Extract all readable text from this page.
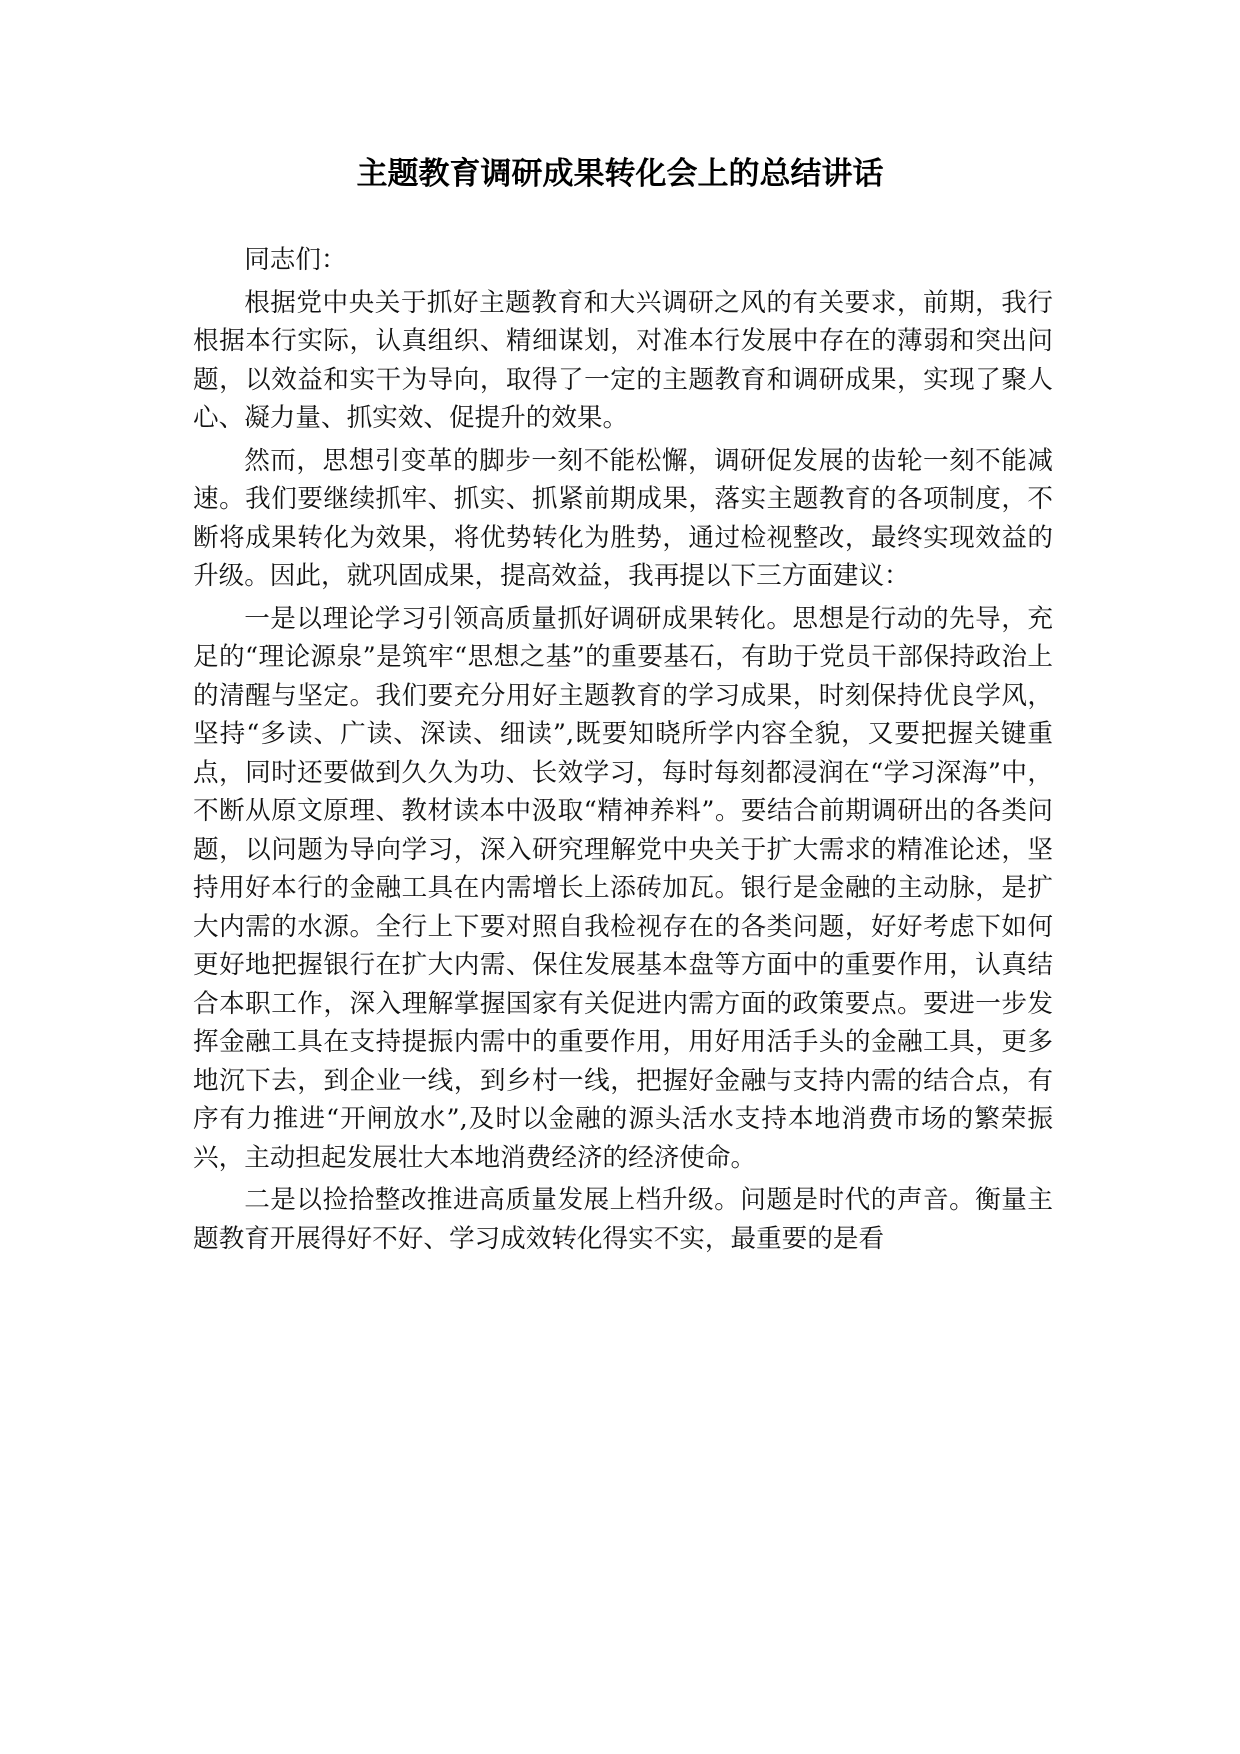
主题教育调研成果转化会上的总结讲话

同志们：

根据党中央关于抓好主题教育和大兴调研之风的有关要求，前期，我行根据本行实际，认真组织、精细谋划，对准本行发展中存在的薄弱和突出问题，以效益和实干为导向，取得了一定的主题教育和调研成果，实现了聚人心、凝力量、抓实效、促提升的效果。

然而，思想引变革的脚步一刻不能松懈，调研促发展的齿轮一刻不能减速。我们要继续抓牢、抓实、抓紧前期成果，落实主题教育的各项制度，不断将成果转化为效果，将优势转化为胜势，通过检视整改，最终实现效益的升级。因此，就巩固成果，提高效益，我再提以下三方面建议：

一是以理论学习引领高质量抓好调研成果转化。思想是行动的先导，充足的“理论源泉”是筑牢“思想之基”的重要基石，有助于党员干部保持政治上的清醒与坚定。我们要充分用好主题教育的学习成果，时刻保持优良学风，坚持“多读、广读、深读、细读”,既要知晓所学内容全貌，又要把握关键重点，同时还要做到久久为功、长效学习，每时每刻都浸润在“学习深海”中，不断从原文原理、教材读本中汲取“精神养料”。要结合前期调研出的各类问题，以问题为导向学习，深入研究理解党中央关于扩大需求的精准论述，坚持用好本行的金融工具在内需增长上添砖加瓦。银行是金融的主动脉，是扩大内需的水源。全行上下要对照自我检视存在的各类问题，好好考虑下如何更好地把握银行在扩大内需、保住发展基本盘等方面中的重要作用，认真结合本职工作，深入理解掌握国家有关促进内需方面的政策要点。要进一步发挥金融工具在支持提振内需中的重要作用，用好用活手头的金融工具，更多地沉下去，到企业一线，到乡村一线，把握好金融与支持内需的结合点，有序有力推进“开闸放水”,及时以金融的源头活水支持本地消费市场的繁荣振兴，主动担起发展壮大本地消费经济的经济使命。

二是以捡拾整改推进高质量发展上档升级。问题是时代的声音。衡量主题教育开展得好不好、学习成效转化得实不实，最重要的是看
